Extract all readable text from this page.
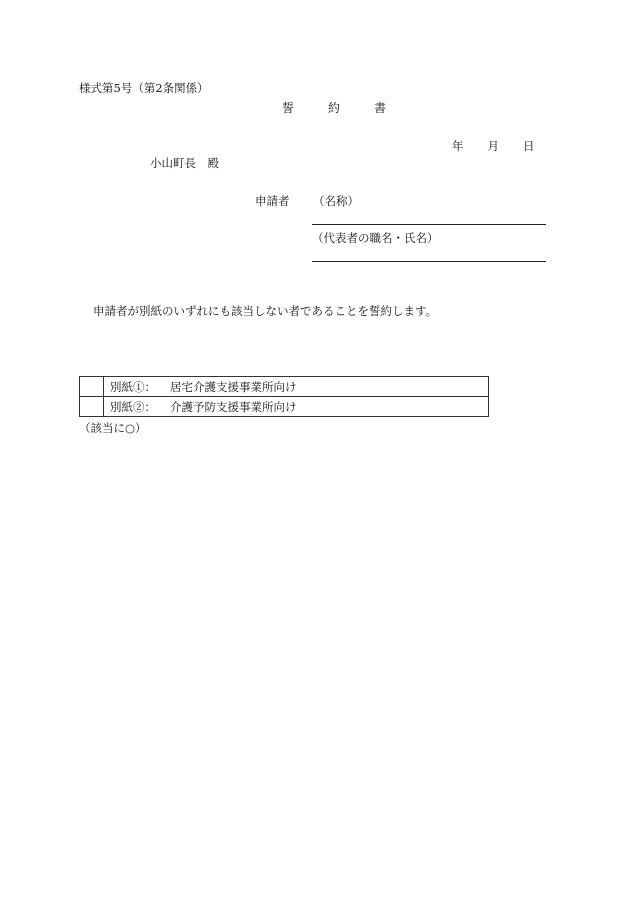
様式第5号（第2条関係）
誓　約　書
年 月 日
小山町長　殿
申請者 （名称）
（代表者の職名・氏名）
申請者が別紙のいずれにも該当しない者であることを誓約します。
	別紙①： 居宅介護支援事業所向け
	別紙②： 介護予防支援事業所向け
（該当に○）
